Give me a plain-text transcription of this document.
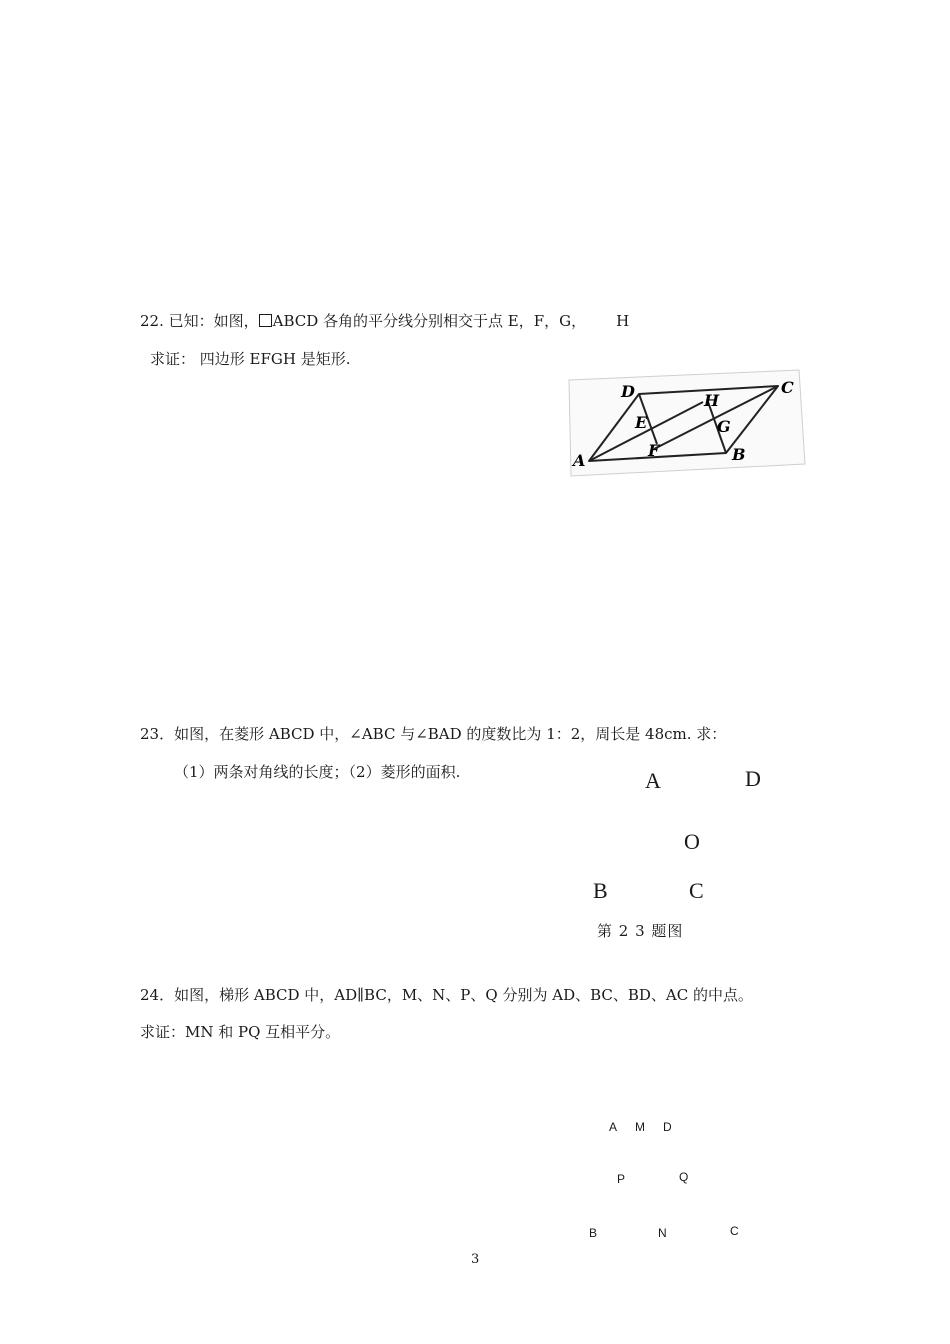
22. 已知：如图， ABCD 各角的平分线分别相交于点 E，F，G， H
求证： 四边形 EFGH 是矩形.
A	B
C
D
E
F
G
H
23．如图，在菱形 ABCD 中，∠ABC 与∠BAD 的度数比为 1：2，周长是 48cm. 求：
（1）两条对角线的长度；（2）菱形的面积.	A	D
O
B	C
第 2 3 题图
24．如图，梯形 ABCD 中，AD∥BC，M、N、P、Q 分别为 AD、BC、BD、AC 的中点。
求证：MN 和 PQ 互相平分。
A M D
P	Q
B	N	C
3
